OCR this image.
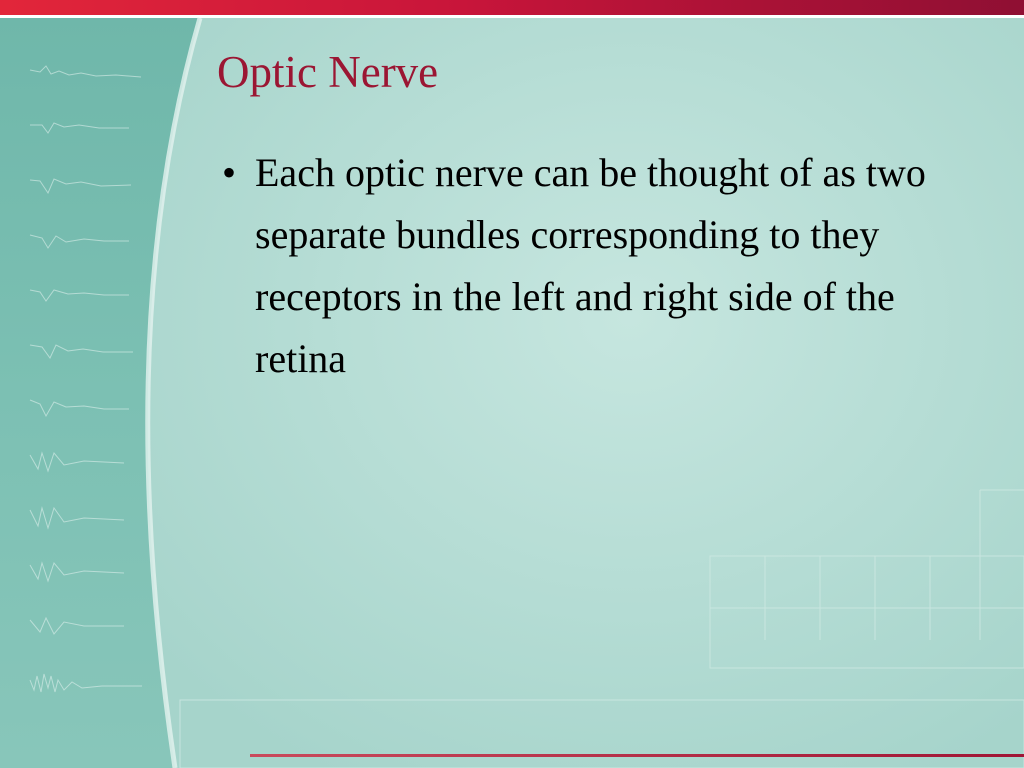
Optic Nerve
• Each optic nerve can be thought of as two separate bundles corresponding to they receptors in the left and right side of the retina
